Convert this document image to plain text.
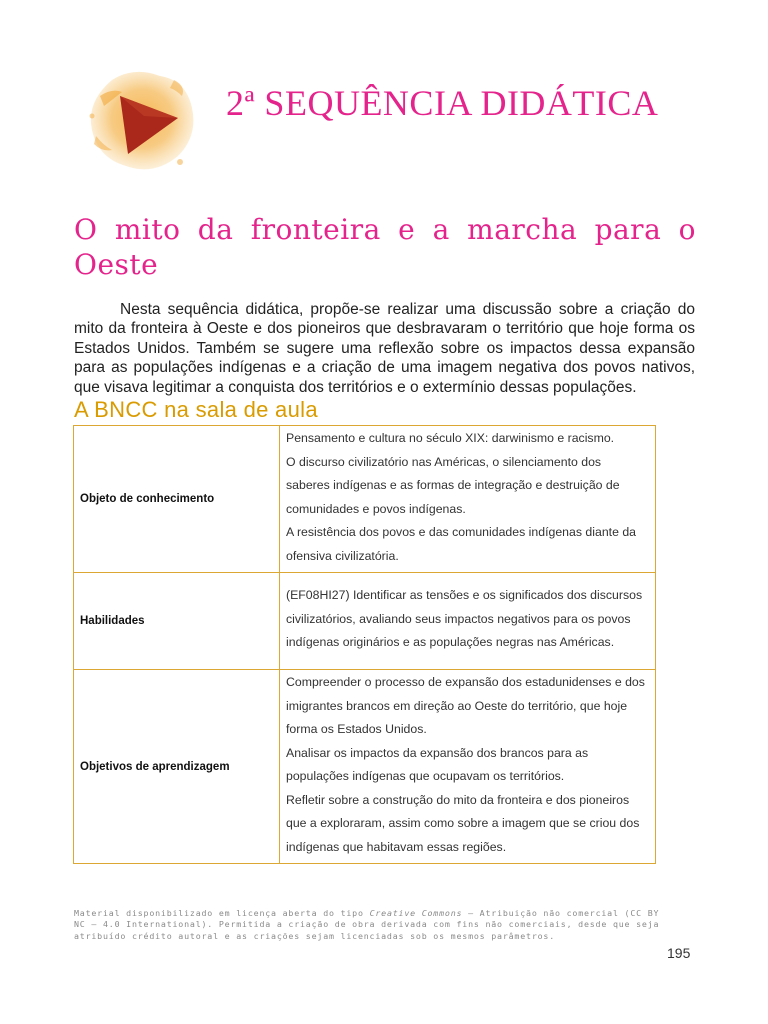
2ª SEQUÊNCIA DIDÁTICA
O mito da fronteira e a marcha para o Oeste

Nesta sequência didática, propõe-se realizar uma discussão sobre a criação do mito da fronteira à Oeste e dos pioneiros que desbravaram o território que hoje forma os Estados Unidos. Também se sugere uma reflexão sobre os impactos dessa expansão para as populações indígenas e a criação de uma imagem negativa dos povos nativos, que visava legitimar a conquista dos territórios e o extermínio dessas populações.

A BNCC na sala de aula
Objeto de conhecimento	Pensamento e cultura no século XIX: darwinismo e racismo.

O discurso civilizatório nas Américas, o silenciamento dos saberes indígenas e as formas de integração e destruição de comunidades e povos indígenas.

A resistência dos povos e das comunidades indígenas diante da ofensiva civilizatória.

Habilidades	(EF08HI27) Identificar as tensões e os significados dos discursos civilizatórios, avaliando seus impactos negativos para os povos indígenas originários e as populações negras nas Américas.

Objetivos de aprendizagem	Compreender o processo de expansão dos estadunidenses e dos imigrantes brancos em direção ao Oeste do território, que hoje forma os Estados Unidos.

Analisar os impactos da expansão dos brancos para as populações indígenas que ocupavam os territórios.

Refletir sobre a construção do mito da fronteira e dos pioneiros que a exploraram, assim como sobre a imagem que se criou dos indígenas que habitavam essas regiões.

Material disponibilizado em licença aberta do tipo Creative Commons – Atribuição não comercial (CC BY NC – 4.0 International). Permitida a criação de obra derivada com fins não comerciais, desde que seja atribuído crédito autoral e as criações sejam licenciadas sob os mesmos parâmetros.

195
